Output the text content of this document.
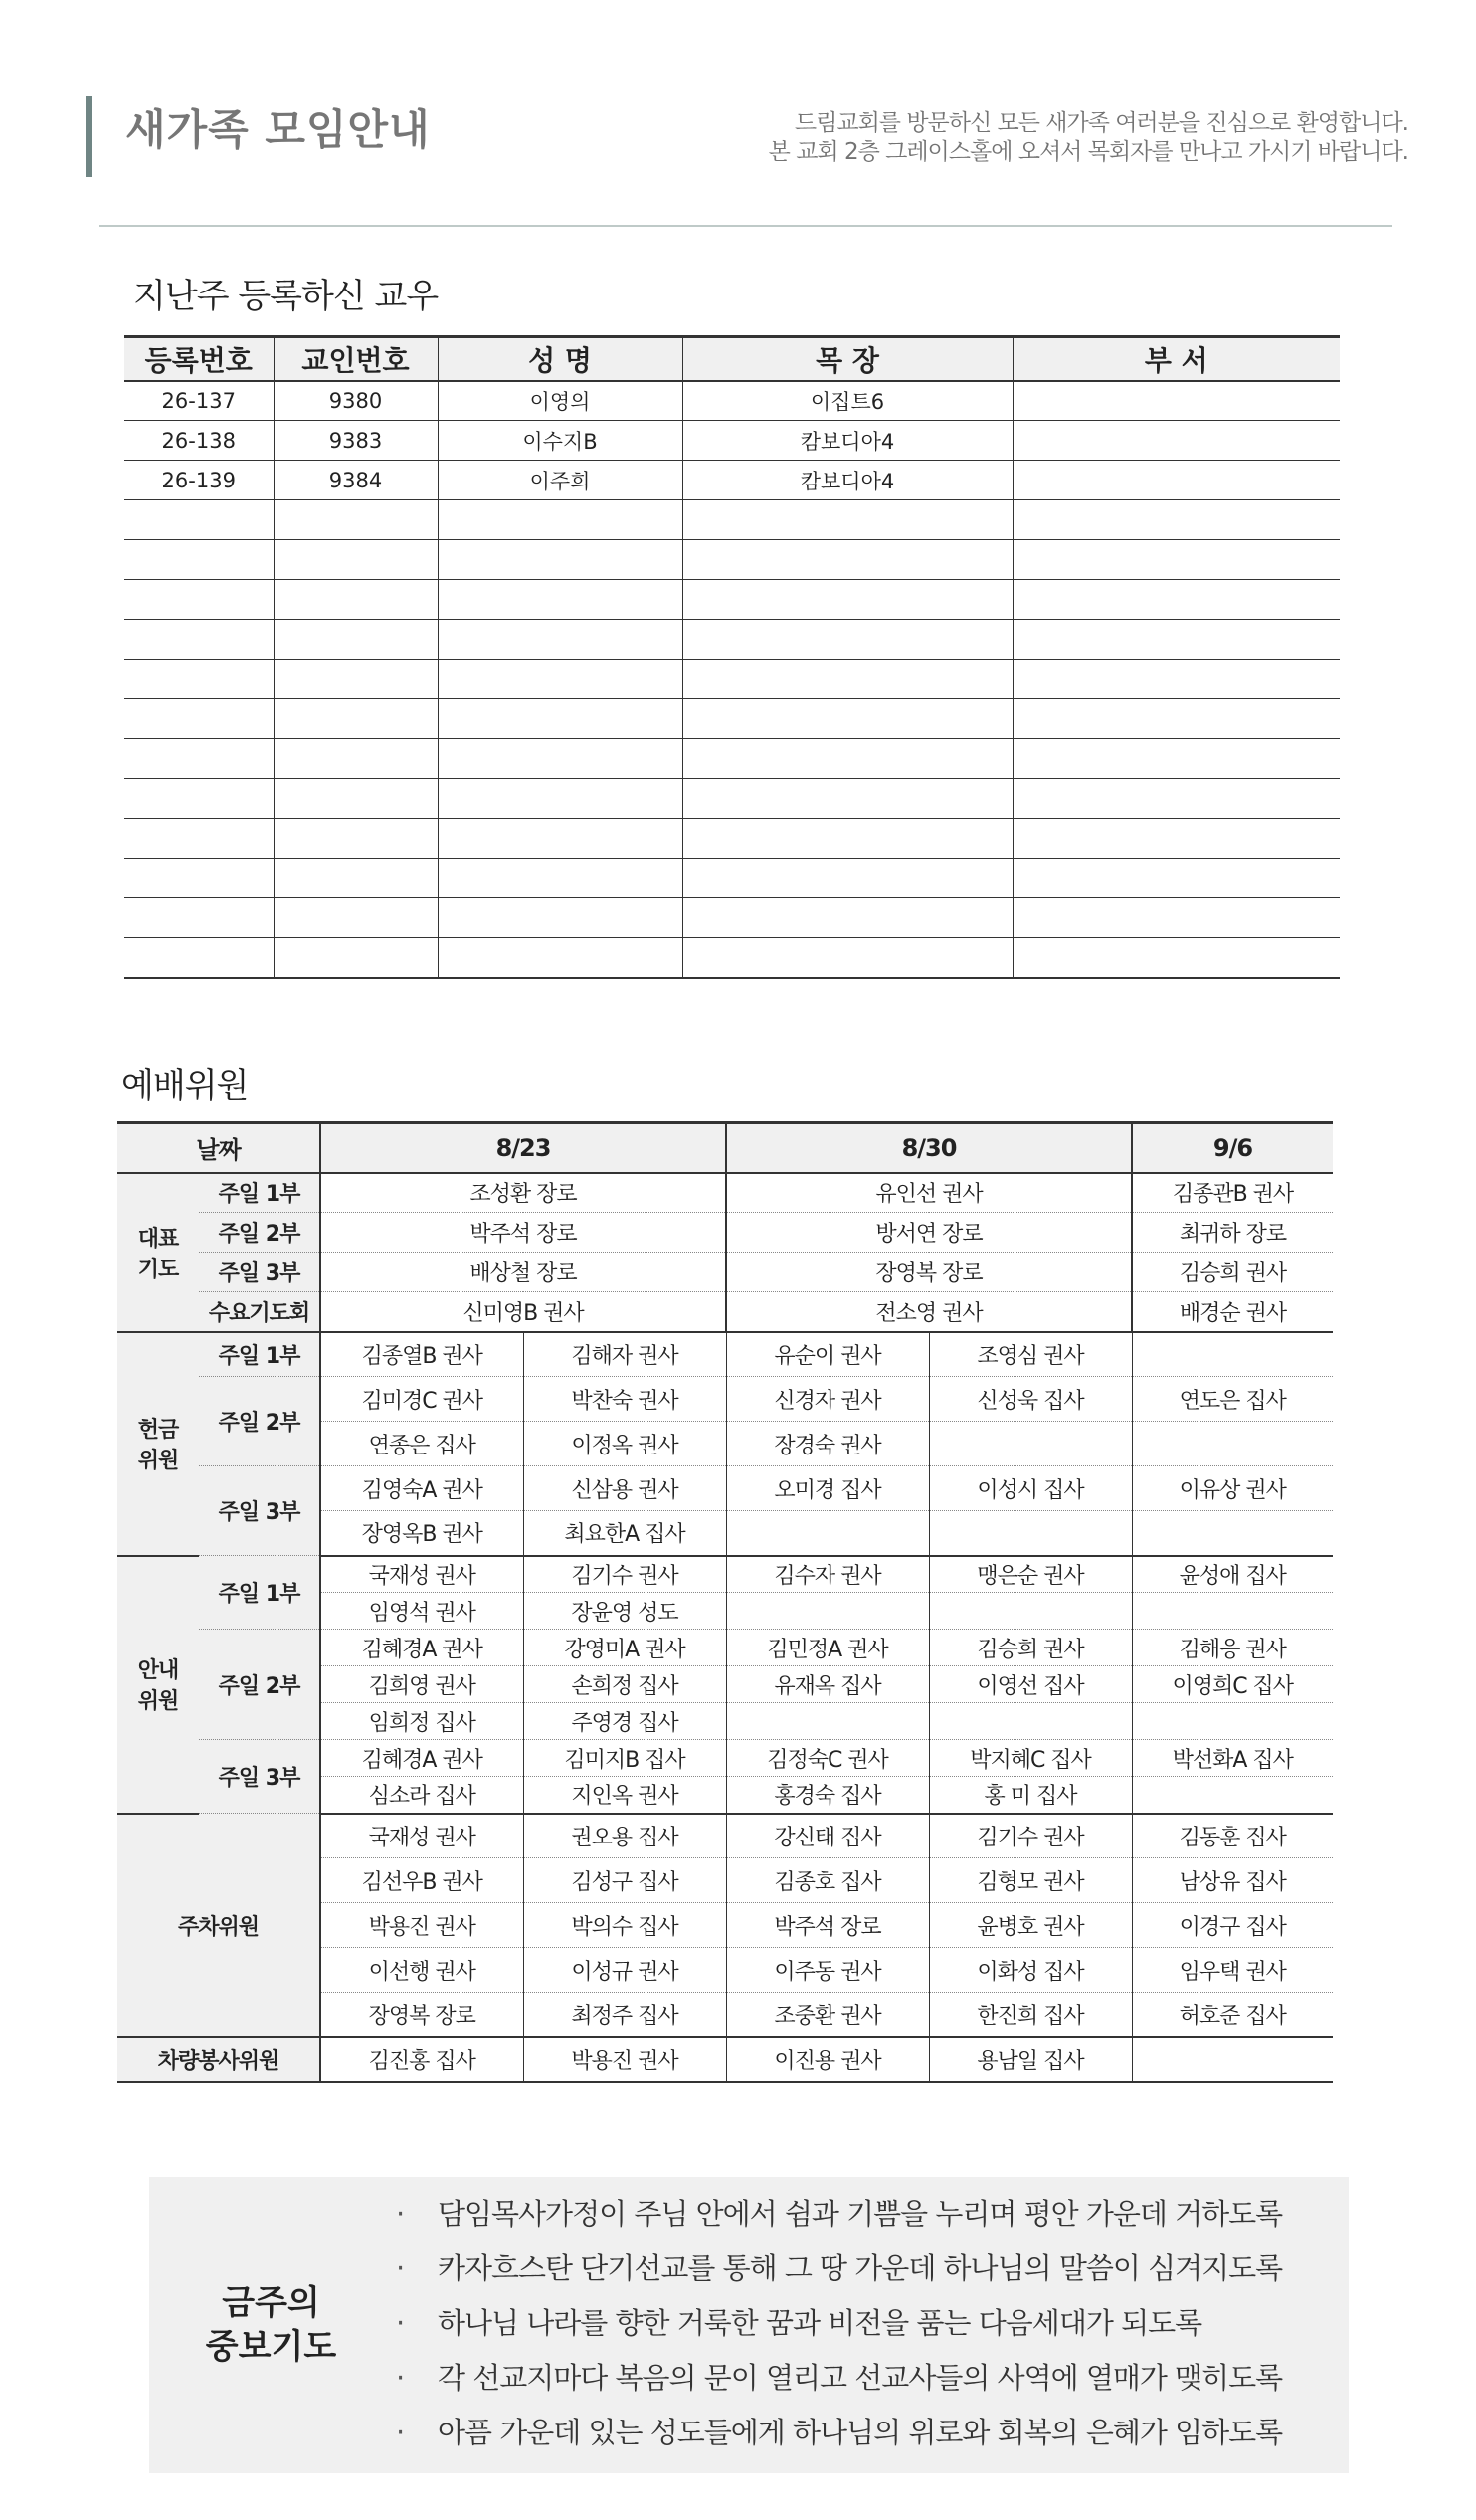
새가족 모임안내	드림교회를 방문하신 모든 새가족 여러분을 진심으로 환영합니다.
본 교회 2층 그레이스홀에 오셔서 목회자를 만나고 가시기 바랍니다.
지난주 등록하신 교우
등록번호	교인번호	성 명	목 장	부 서
26-137	9380	이영의	이집트6	
26-138	9383	이수지B	캄보디아4	
26-139	9384	이주희	캄보디아4	

예배위원
날짜		8/23		8/30		9/6
대표
기도	주일 1부	조성환 장로		유인선 권사		김종관B 권사
	주일 2부	박주석 장로		방서연 장로		최귀하 장로
	주일 3부	배상철 장로		장영복 장로		김승희 권사
	수요기도회	신미영B 권사		전소영 권사		배경순 권사
헌금
위원	주일 1부	김종열B 권사	김해자 권사	유순이 권사	조영심 권사	
	주일 2부	김미경C 권사	박찬숙 권사	신경자 권사	신성욱 집사	연도은 집사
		연종은 집사	이정옥 권사	장경숙 권사		
	주일 3부	김영숙A 권사	신삼용 권사	오미경 집사	이성시 집사	이유상 권사
		장영옥B 권사	최요한A 집사			
안내
위원	주일 1부	국재성 권사	김기수 권사	김수자 권사	맹은순 권사	윤성애 집사
		임영석 권사	장윤영 성도			
	주일 2부	김혜경A 권사	강영미A 권사	김민정A 권사	김승희 권사	김해응 권사
		김희영 권사	손희정 집사	유재옥 집사	이영선 집사	이영희C 집사
		임희정 집사	주영경 집사			
	주일 3부	김혜경A 권사	김미지B 집사	김정숙C 권사	박지혜C 집사	박선화A 집사
		심소라 집사	지인옥 권사	홍경숙 집사	홍 미 집사	
주차위원		국재성 권사	권오용 집사	강신태 집사	김기수 권사	김동훈 집사
		김선우B 권사	김성구 집사	김종호 집사	김형모 권사	남상유 집사
		박용진 권사	박의수 집사	박주석 장로	윤병호 권사	이경구 집사
		이선행 권사	이성규 권사	이주동 권사	이화성 집사	임우택 권사
		장영복 장로	최정주 집사	조중환 권사	한진희 집사	허호준 집사
차량봉사위원		김진홍 집사	박용진 권사	이진용 권사	용남일 집사	
금주의
중보기도
· 담임목사가정이 주님 안에서 쉼과 기쁨을 누리며 평안 가운데 거하도록
· 카자흐스탄 단기선교를 통해 그 땅 가운데 하나님의 말씀이 심겨지도록
· 하나님 나라를 향한 거룩한 꿈과 비전을 품는 다음세대가 되도록
· 각 선교지마다 복음의 문이 열리고 선교사들의 사역에 열매가 맺히도록
· 아픔 가운데 있는 성도들에게 하나님의 위로와 회복의 은혜가 임하도록
